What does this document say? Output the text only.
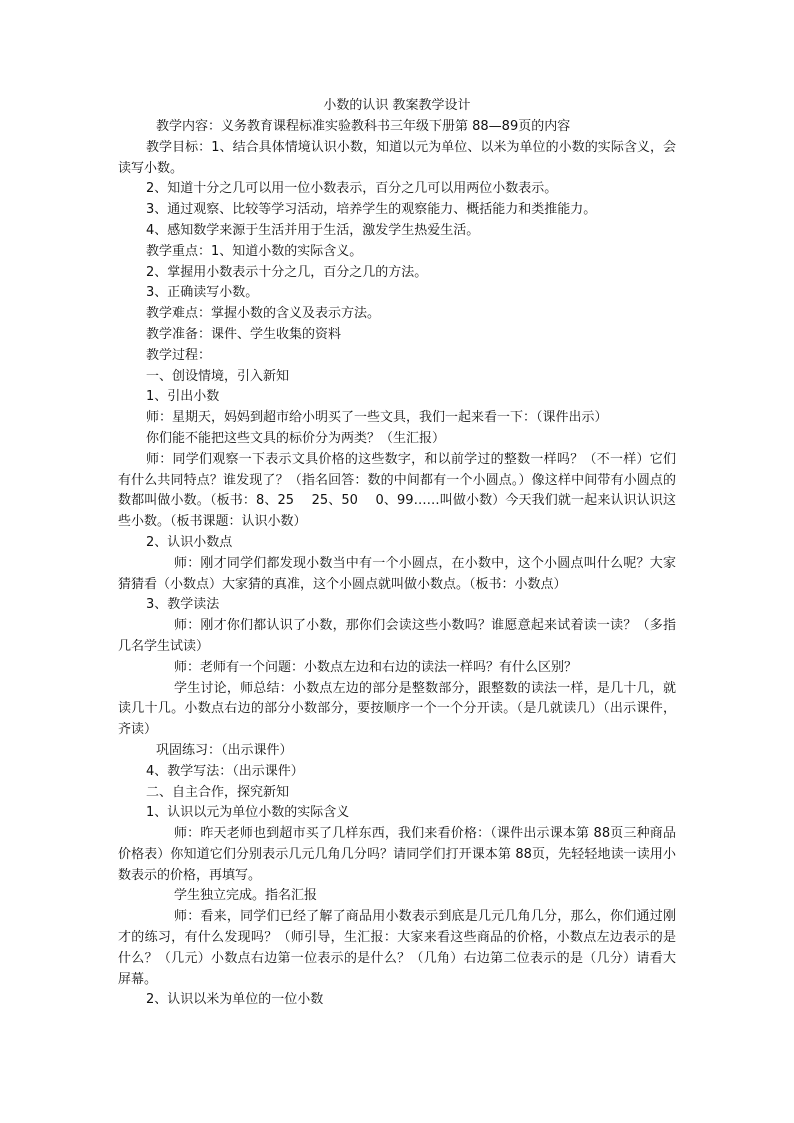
小数的认识 教案教学设计

教学内容：义务教育课程标准实验教科书三年级下册第 88—89页的内容

教学目标：1、结合具体情境认识小数，知道以元为单位、以米为单位的小数的实际含义，会读写小数。

2、知道十分之几可以用一位小数表示，百分之几可以用两位小数表示。

3、通过观察、比较等学习活动，培养学生的观察能力、概括能力和类推能力。

4、感知数学来源于生活并用于生活，激发学生热爱生活。

教学重点：1、知道小数的实际含义。

2、掌握用小数表示十分之几，百分之几的方法。

3、正确读写小数。

教学难点：掌握小数的含义及表示方法。

教学准备：课件、学生收集的资料

教学过程：

一、创设情境，引入新知

1、引出小数

师：星期天，妈妈到超市给小明买了一些文具，我们一起来看一下：（课件出示）

你们能不能把这些文具的标价分为两类？（生汇报）

师：同学们观察一下表示文具价格的这些数字，和以前学过的整数一样吗？（不一样）它们有什么共同特点？谁发现了？（指名回答：数的中间都有一个小圆点。）像这样中间带有小圆点的数都叫做小数。（板书：8、25　 25、50　 0、99……叫做小数）今天我们就一起来认识认识这些小数。（板书课题：认识小数）

2、认识小数点

师：刚才同学们都发现小数当中有一个小圆点，在小数中，这个小圆点叫什么呢？大家猜猜看（小数点）大家猜的真准，这个小圆点就叫做小数点。（板书：小数点）

3、教学读法

师：刚才你们都认识了小数，那你们会读这些小数吗？谁愿意起来试着读一读？（多指几名学生试读）

师：老师有一个问题：小数点左边和右边的读法一样吗？有什么区别？

学生讨论，师总结：小数点左边的部分是整数部分，跟整数的读法一样，是几十几，就读几十几。小数点右边的部分小数部分，要按顺序一个一个分开读。（是几就读几）（出示课件，齐读）

巩固练习：（出示课件）

4、教学写法：（出示课件）

二、自主合作，探究新知

1、认识以元为单位小数的实际含义

师：昨天老师也到超市买了几样东西，我们来看价格：（课件出示课本第 88页三种商品价格表）你知道它们分别表示几元几角几分吗？请同学们打开课本第 88页，先轻轻地读一读用小数表示的价格，再填写。

学生独立完成。指名汇报

师：看来，同学们已经了解了商品用小数表示到底是几元几角几分，那么，你们通过刚才的练习，有什么发现吗？（师引导，生汇报：大家来看这些商品的价格，小数点左边表示的是什么？（几元）小数点右边第一位表示的是什么？（几角）右边第二位表示的是（几分）请看大屏幕。

2、认识以米为单位的一位小数
